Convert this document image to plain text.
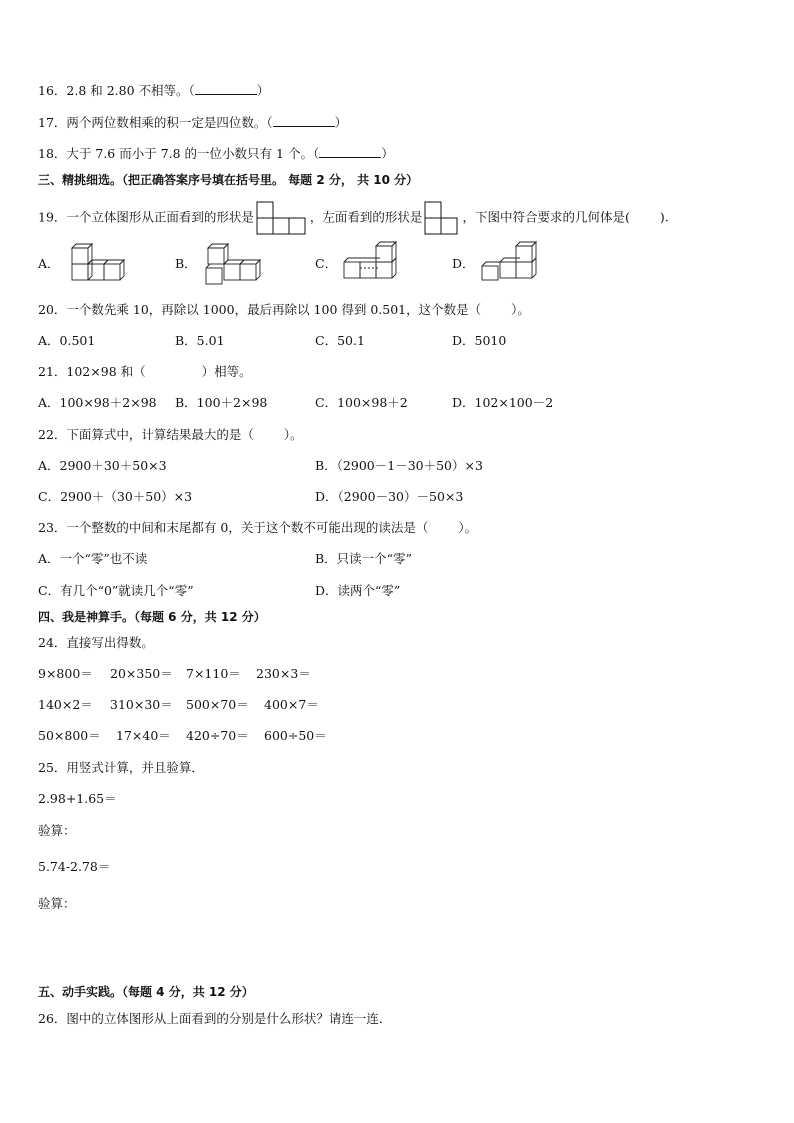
16．2.8 和 2.80 不相等。（	）
17．两个两位数相乘的积一定是四位数。（	）
18．大于 7.6 而小于 7.8 的一位小数只有 1 个。（	）
三、精挑细选。（把正确答案序号填在括号里。 每题 2 分， 共 10 分）
19．一个立体图形从正面看到的形状是	，左面看到的形状是	，下图中符合要求的几何体是( ).
A．	B．	C．	D．
20．一个数先乘 10，再除以 1000，最后再除以 100 得到 0.501，这个数是（ ）。
A．0.501	B．5.01	C．50.1	D．5010
21．102×98 和（	）相等。
A．100×98＋2×98 B．100＋2×98	C．100×98＋2	D．102×100－2
22．下面算式中，计算结果最大的是（ ）。
A．2900＋30＋50×3	B．（2900－1－30＋50）×3
C．2900＋（30＋50）×3	D．（2900－30）－50×3
23．一个整数的中间和末尾都有 0，关于这个数不可能出现的读法是（ ）。
A．一个“零”也不读	B．只读一个“零”
C．有几个“0”就读几个“零”	D．读两个“零”
四、我是神算手。（每题 6 分，共 12 分）
24．直接写出得数。
9×800＝ 20×350＝ 7×110＝ 230×3＝
140×2＝ 310×30＝ 500×70＝ 400×7＝
50×800＝ 17×40＝ 420÷70＝ 600÷50＝
25．用竖式计算，并且验算．
2.98+1.65＝
验算：
5.74-2.78＝
验算：
五、动手实践。（每题 4 分，共 12 分）
26．图中的立体图形从上面看到的分别是什么形状？请连一连．
